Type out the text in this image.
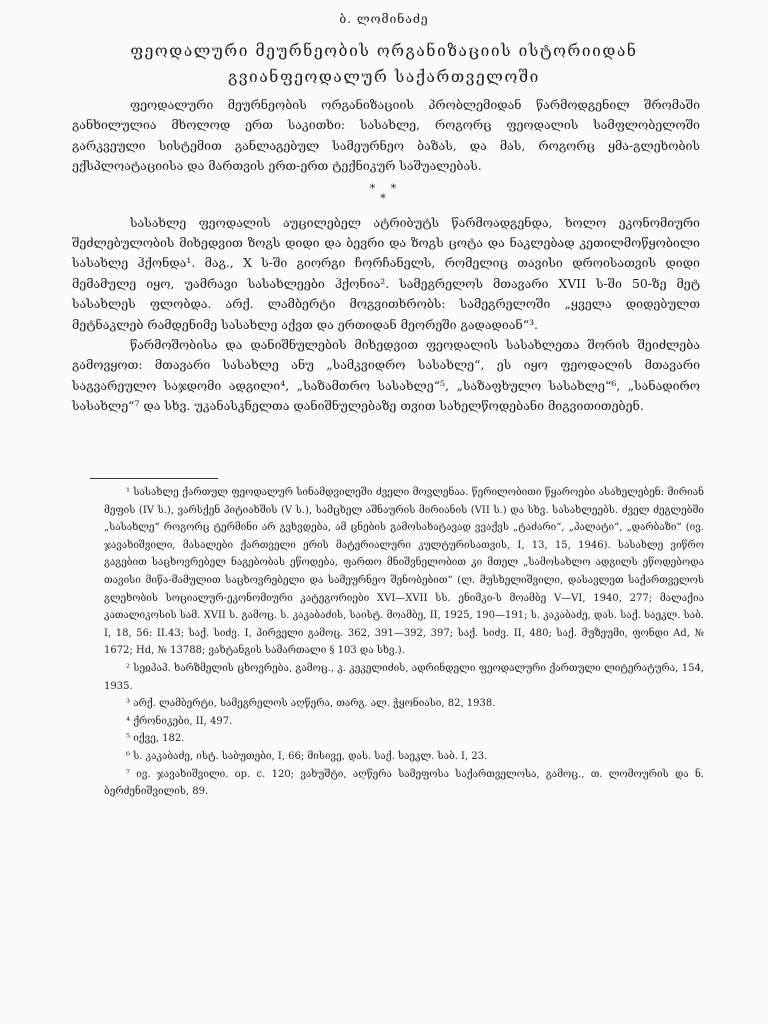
ბ. ლომინაძე
ფეოდალური მეურნეობის ორგანიზაციის ისტორიიდან
გვიანფეოდალურ საქართველოში

ფეოდალური მეურნეობის ორგანიზაციის პრობლემიდან წარმოდგენილ შრომაში განხილულია მხოლოდ ერთ საკითხი: სასახლე, როგორც ფეოდალის სამფლობელოში გარკვეული სისტემით განლაგებულ სამეურნეო ბაზას, და მას, როგორც ყმა-გლეხობის ექსპლოატაციისა და მართვის ერთ-ერთ ტექნიკურ საშუალებას.

* *
*

სასახლე ფეოდალის აუცილებელ ატრიბუტს წარმოადგენდა, ხოლო ეკონომიური შეძლებულობის მიხედვით ზოგს დიდი და ბევრი და ზოგს ცოტა და ნაკლებად კეთილმოწყობილი სასახლე ჰქონდა¹. მაგ., X ს-ში გიორგი ჩორჩანელს, რომელიც თავისი დროისათვის დიდი მემამულე იყო, უამრავი სასახლეები ჰქონია². სამეგრელოს მთავარი XVII ს-ში 50-ზე მეტ სასახლეს ფლობდა. არქ. ლამბერტი მოგვითხრობს: სამეგრელოში „ყველა დიდებულთ მეტნაკლებ რამდენიმე სასახლე აქვთ და ერთიდან მეორეში გადადიან“³.

წარმოშობისა და დანიშნულების მიხედვით ფეოდალის სასახლეთა შორის შეიძლება გამოვყოთ: მთავარი სასახლე ანუ „სამკვიდრო სასახლე“, ეს იყო ფეოდალის მთავარი საგვარეულო საჯდომი ადგილი⁴, „საზამთრო სასახლე“⁵, „საზაფხულო სასახლე“⁶, „სანადირო სასახლე“⁷ და სხვ. უკანასკნელთა დანიშნულებაზე თვით სახელწოდებანი მიგვითითებენ.

¹ სასახლე ქართულ ფეოდალურ სინამდვილეში ძველი მოვლენაა. წერილობითი წყაროები ასახელებენ: მირიან მეფის (IV ს.), ვარსქენ პიტიახშის (V ს.), სამცხელ აშნაურის მირიანის (VII ს.) და სხვ. სასახლეებს. ძველ ძეგლებში „სასახლე“ როგორც ტერმინი არ გვხვდება, ამ ცნების გამოსახატავად ვვაქვს „ტაძარი“, „პალატი“, „დარბაზი“ (ივ. ჯავახიშვილი, მასალები ქართველი ერის მატერიალური კულტურისათვის, I, 13, 15, 1946). სასახლე ვიწრო გაგებით საცხოვრებელ ნაგებობას ეწოდება, ფართო მნიშვნელობით კი მთელ „სამოსახლო ადგილს ეწოდებოდა თავისი მიწა-მამულით საცხოვრებელი და სამეურნეო შენობებით“ (ლ. მუსხელიშვილი, დასავლეთ საქართველოს გლეხობის სოციალურ-ეკონომიური კატეგორიები XVI—XVII სს. ენიმკი-ს მოამბე V—VI, 1940, 277; მალაქია კათალიკოსის სამ. XVII ს. გამოც. ს. კაკაბაძის, საისტ. მოამბე, II, 1925, 190—191; ს. კაკაბაძე, დას. საქ. საეკლ. საბ. I, 18, 56: II.43; საქ. სიძვ. I, პირველი გამოც. 362, 391—392, 397; საქ. სიძვ. II, 480; საქ. მუზეუმი, ფონდი Ad, № 1672; Hd, № 13788; ვახტანგის სამართალი § 103 და სხვ.).

² სეჲპაპ. ხარზმელის ცხოვრება, გამოც., კ. კეკელიძის, ადრინდელი ფეოდალური ქართული ლიტერატურა, 154, 1935.

³ არქ. ლამბერტი, სამეგრელოს აღწერა, თარგ. ალ. ჭყონიასი, 82, 1938.

⁴ ქრონიკები, II, 497.

⁵ იქვე, 182.

⁶ ს. კაკაბაძე, ისტ. საბუთები, I, 66; მისივე, დას. საქ. საეკლ. საბ. I, 23.

⁷ ივ. ჯავახიშვილი. op. c. 120; ვახუშტი, აღწერა სამეფოსა საქართველოსა, გამოც., თ. ლომოურის და ნ. ბერძენიშვილის, 89.
